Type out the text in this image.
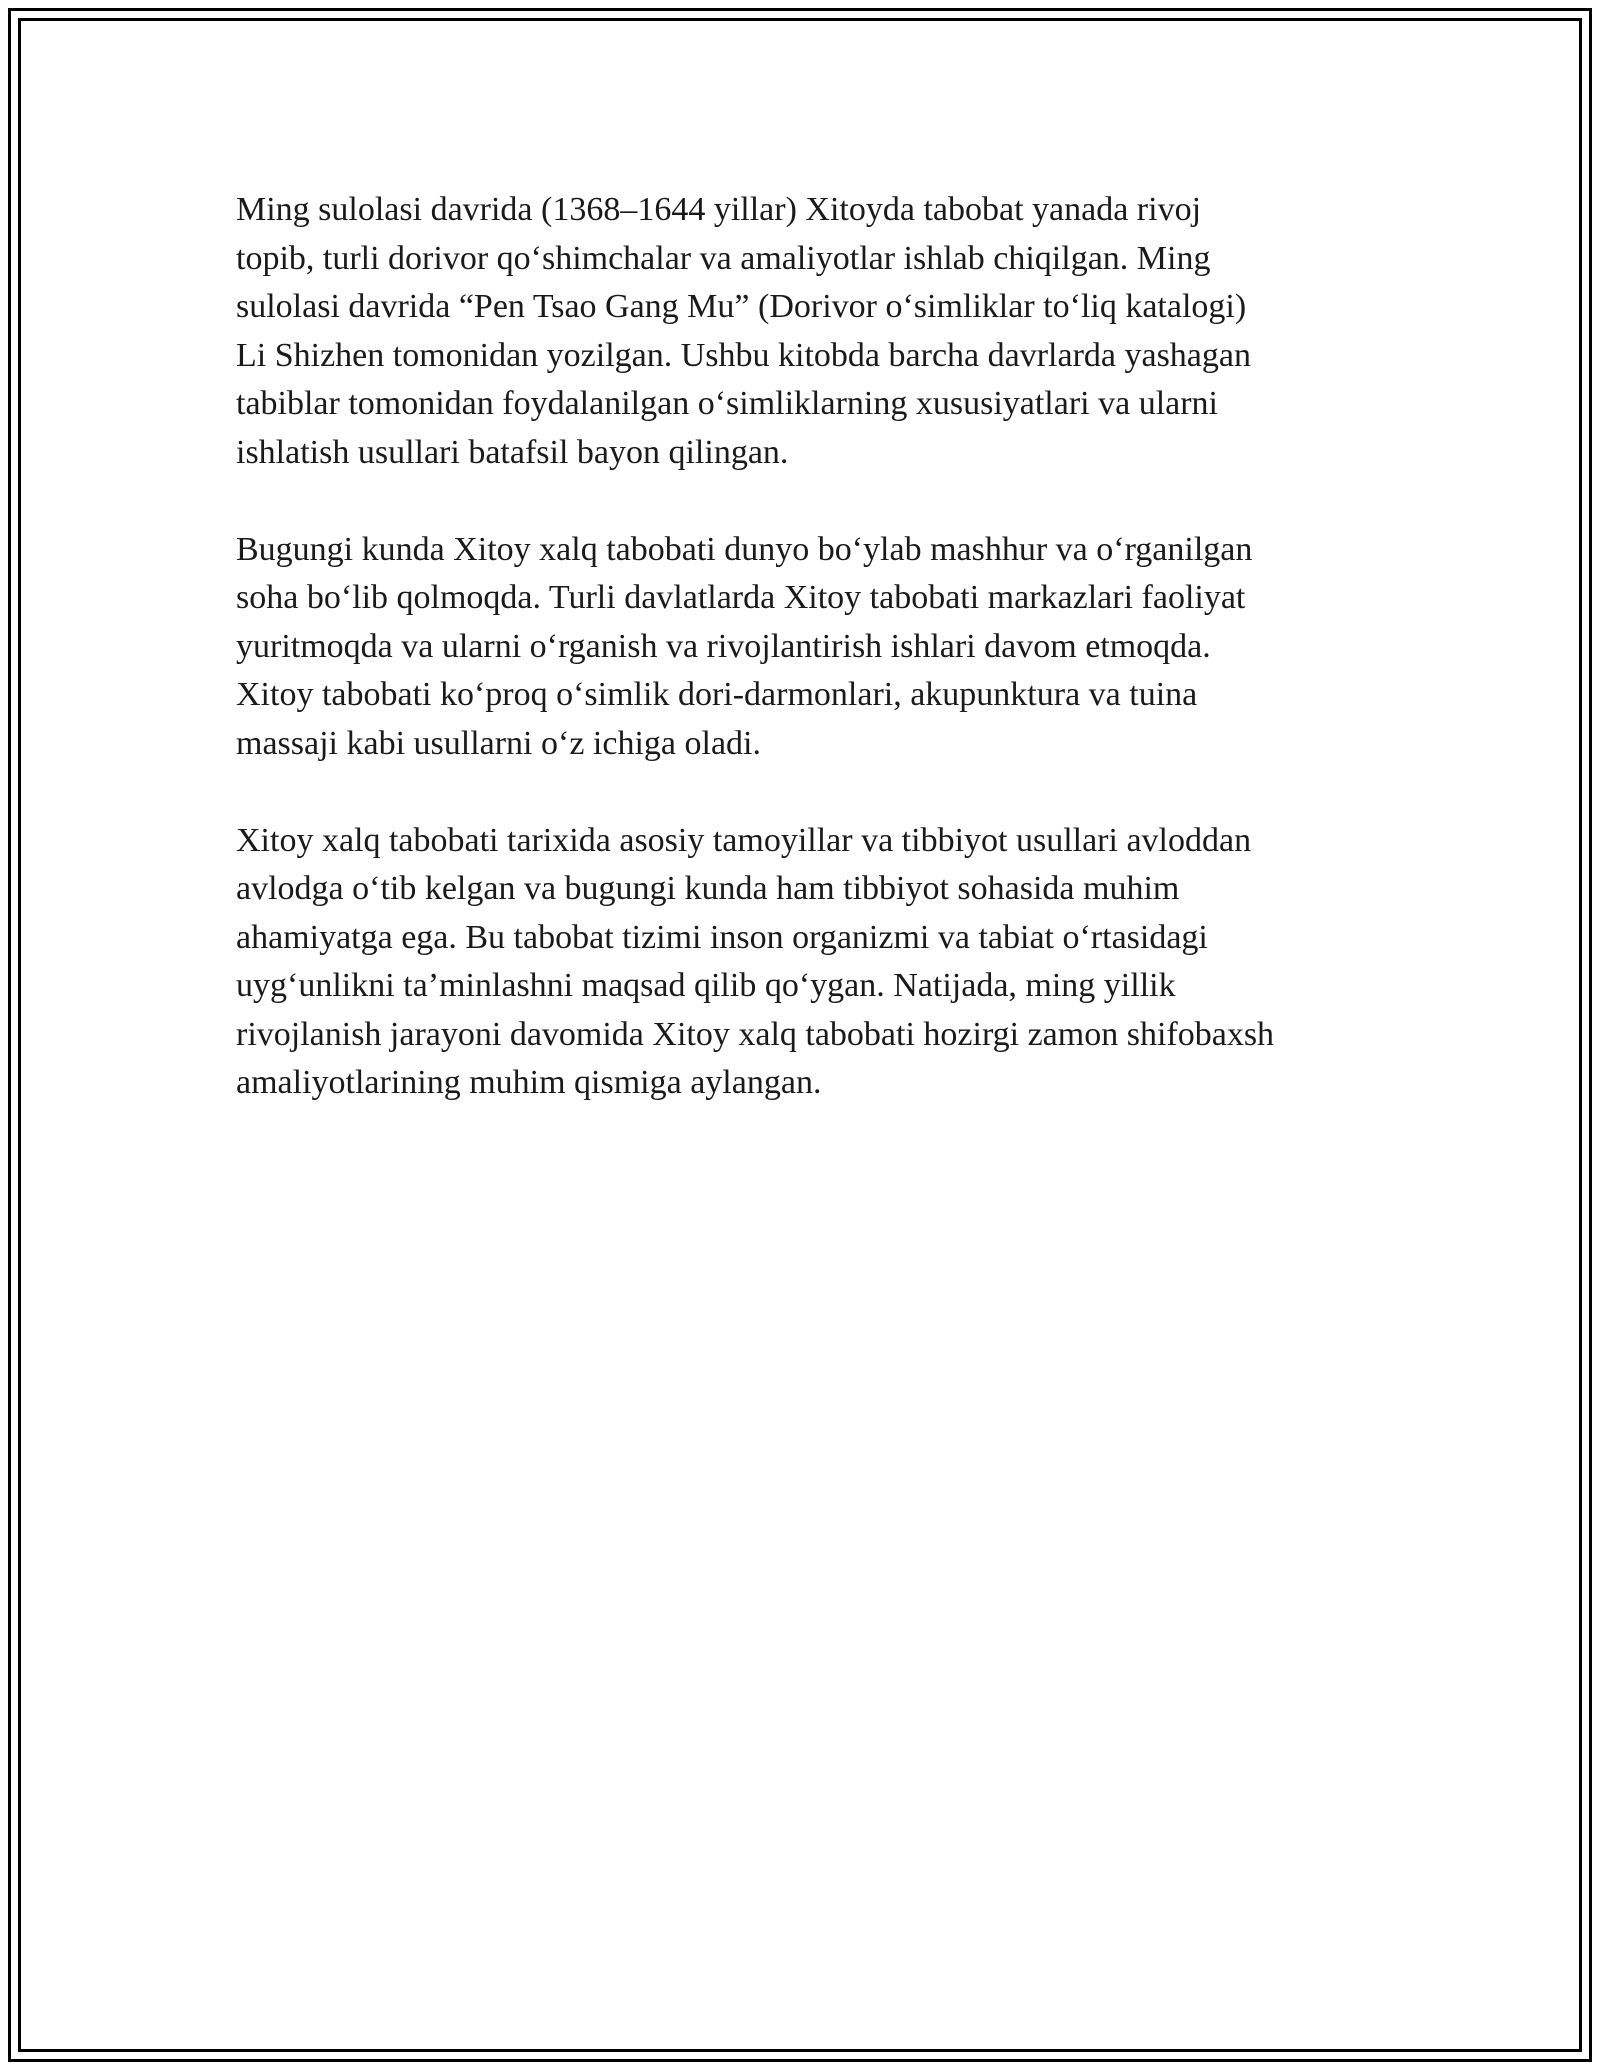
Ming sulolasi davrida (1368–1644 yillar) Xitoyda tabobat yanada rivoj
topib, turli dorivor qo‘shimchalar va amaliyotlar ishlab chiqilgan. Ming
sulolasi davrida “Pen Tsao Gang Mu” (Dorivor o‘simliklar to‘liq katalogi)
Li Shizhen tomonidan yozilgan. Ushbu kitobda barcha davrlarda yashagan
tabiblar tomonidan foydalanilgan o‘simliklarning xususiyatlari va ularni
ishlatish usullari batafsil bayon qilingan.

Bugungi kunda Xitoy xalq tabobati dunyo bo‘ylab mashhur va o‘rganilgan
soha bo‘lib qolmoqda. Turli davlatlarda Xitoy tabobati markazlari faoliyat
yuritmoqda va ularni o‘rganish va rivojlantirish ishlari davom etmoqda.
Xitoy tabobati ko‘proq o‘simlik dori-darmonlari, akupunktura va tuina
massaji kabi usullarni o‘z ichiga oladi.

Xitoy xalq tabobati tarixida asosiy tamoyillar va tibbiyot usullari avloddan
avlodga o‘tib kelgan va bugungi kunda ham tibbiyot sohasida muhim
ahamiyatga ega. Bu tabobat tizimi inson organizmi va tabiat o‘rtasidagi
uyg‘unlikni ta’minlashni maqsad qilib qo‘ygan. Natijada, ming yillik
rivojlanish jarayoni davomida Xitoy xalq tabobati hozirgi zamon shifobaxsh
amaliyotlarining muhim qismiga aylangan.
